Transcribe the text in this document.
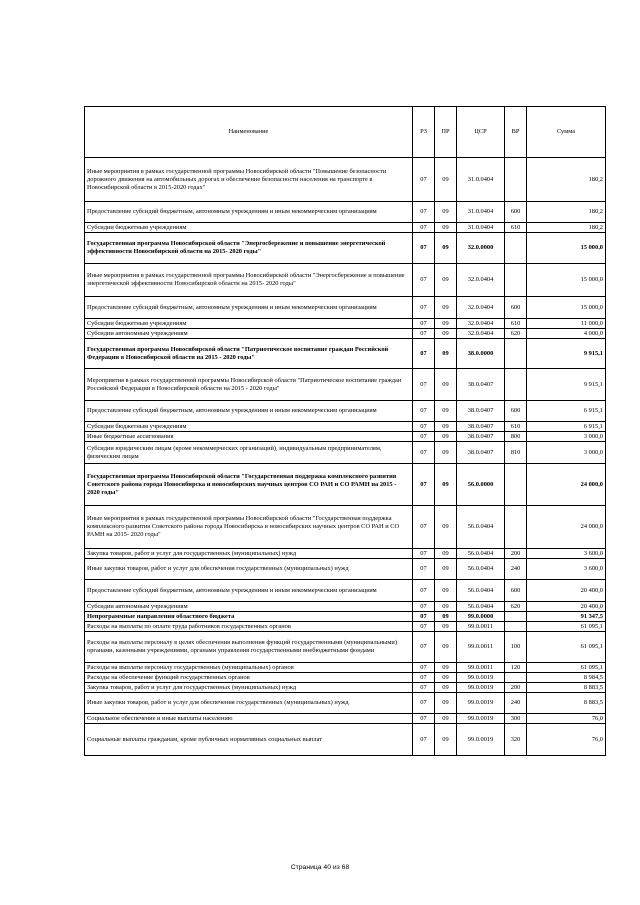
Наименование	РЗ	ПР	ЦСР	ВР	Сумма
Иные мероприятия в рамках государственной программы Новосибирской области "Повышение безопасности дорожного движения на автомобильных дорогах и обеспечение безопасности населения на транспорте в Новосибирской области в 2015-2020 годах"	07	09	31.0.0404		180,2
Предоставление субсидий бюджетным, автономным учреждениям и иным некоммерческим организациям	07	09	31.0.0404	600	180,2
Субсидии бюджетным учреждениям	07	09	31.0.0404	610	180,2
Государственная программа Новосибирской области "Энергосбережение и повышение энергетической эффективности Новосибирской области на 2015- 2020 годы"	07	09	32.0.0000		15 000,0
Иные мероприятия в рамках государственной программы Новосибирской области "Энергосбережение и повышение энергетической эффективности Новосибирской области на 2015- 2020 годы"	07	09	32.0.0404		15 000,0
Предоставление субсидий бюджетным, автономным учреждениям и иным некоммерческим организациям	07	09	32.0.0404	600	15 000,0
Субсидии бюджетным учреждениям	07	09	32.0.0404	610	11 000,0
Субсидии автономным учреждениям	07	09	32.0.0404	620	4 000,0
Государственная программа Новосибирской области "Патриотическое воспитание граждан Российской Федерации в Новосибирской области на 2015 - 2020 годы"	07	09	38.0.0000		9 915,1
Мероприятия в рамках государственной программы Новосибирской области "Патриотическое воспитание граждан Российской Федерации в Новосибирской области на 2015 - 2020 годы"	07	09	38.0.0407		9 915,1
Предоставление субсидий бюджетным, автономным учреждениям и иным некоммерческим организациям	07	09	38.0.0407	600	6 915,1
Субсидии бюджетным учреждениям	07	09	38.0.0407	610	6 915,1
Иные бюджетные ассигнования	07	09	38.0.0407	800	3 000,0
Субсидии юридическим лицам (кроме некоммерческих организаций), индивидуальным предпринимателям, физическим лицам	07	09	38.0.0407	810	3 000,0
Государственная программа Новосибирской области "Государственная поддержка комплексного развития Советского района города Новосибирска и новосибирских научных центров СО РАН и СО РАМН на 2015 - 2020 годы"	07	09	56.0.0000		24 000,0
Иные мероприятия в рамках государственной программы Новосибирской области "Государственная поддержка комплексного развития Советского района города Новосибирска и новосибирских научных центров СО РАН и СО РАМН на 2015- 2020 годы"	07	09	56.0.0404		24 000,0
Закупка товаров, работ и услуг для государственных (муниципальных) нужд	07	09	56.0.0404	200	3 600,0
Иные закупки товаров, работ и услуг для обеспечения государственных (муниципальных) нужд	07	09	56.0.0404	240	3 600,0
Предоставление субсидий бюджетным, автономным учреждениям и иным некоммерческим организациям	07	09	56.0.0404	600	20 400,0
Субсидии автономным учреждениям	07	09	56.0.0404	620	20 400,0
Непрограммные направления областного бюджета	07	09	99.0.0000		91 347,5
Расходы на выплаты по оплате труда работников государственных органов	07	09	99.0.0011		61 095,1
Расходы на выплаты персоналу в целях обеспечения выполнения функций государственными (муниципальными) органами, казенными учреждениями, органами управления государственными внебюджетными фондами	07	09	99.0.0011	100	61 095,1
Расходы на выплаты персоналу государственных (муниципальных) органов	07	09	99.0.0011	120	61 095,1
Расходы на обеспечение функций государственных органов	07	09	99.0.0019		8 984,5
Закупка товаров, работ и услуг для государственных (муниципальных) нужд	07	09	99.0.0019	200	8 883,5
Иные закупки товаров, работ и услуг для обеспечения государственных (муниципальных) нужд	07	09	99.0.0019	240	8 883,5
Социальное обеспечение и иные выплаты населению	07	09	99.0.0019	300	76,0
Социальные выплаты гражданам, кроме публичных нормативных социальных выплат	07	09	99.0.0019	320	76,0
Страница 40 из 68
